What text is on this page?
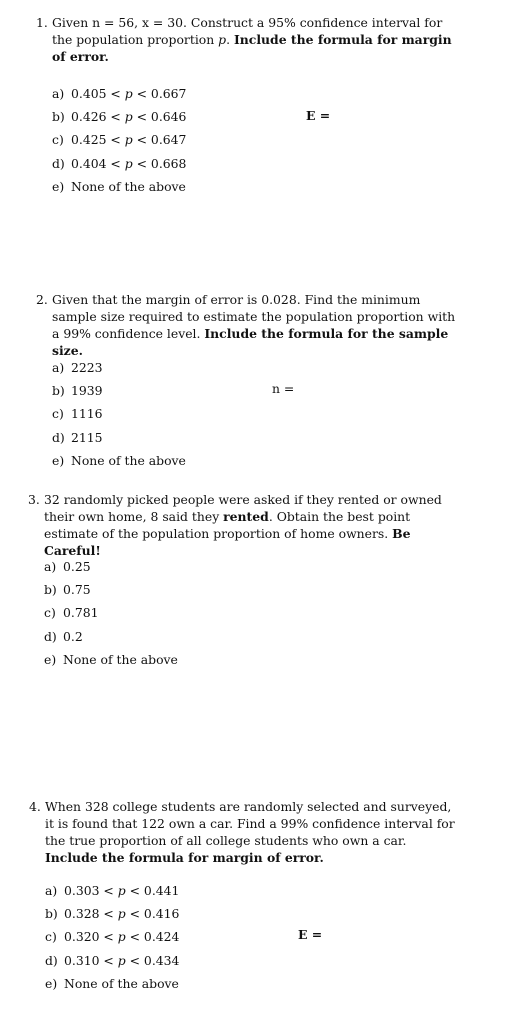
1. Given n = 56, x = 30. Construct a 95% confidence interval for the population proportion p. Include the formula for margin of error.
a) 0.405 < p < 0.667
b) 0.426 < p < 0.646
c) 0.425 < p < 0.647
d) 0.404 < p < 0.668
e) None of the above
E =
2. Given that the margin of error is 0.028. Find the minimum sample size required to estimate the population proportion with a 99% confidence level. Include the formula for the sample size.
a) 2223
b) 1939
c) 1116
d) 2115
e) None of the above
n =
3. 32 randomly picked people were asked if they rented or owned their own home, 8 said they rented. Obtain the best point estimate of the population proportion of home owners. Be Careful!
a) 0.25
b) 0.75
c) 0.781
d) 0.2
e) None of the above
4. When 328 college students are randomly selected and surveyed, it is found that 122 own a car. Find a 99% confidence interval for the true proportion of all college students who own a car. Include the formula for margin of error.
a) 0.303 < p < 0.441
b) 0.328 < p < 0.416
c) 0.320 < p < 0.424
d) 0.310 < p < 0.434
e) None of the above
E =
